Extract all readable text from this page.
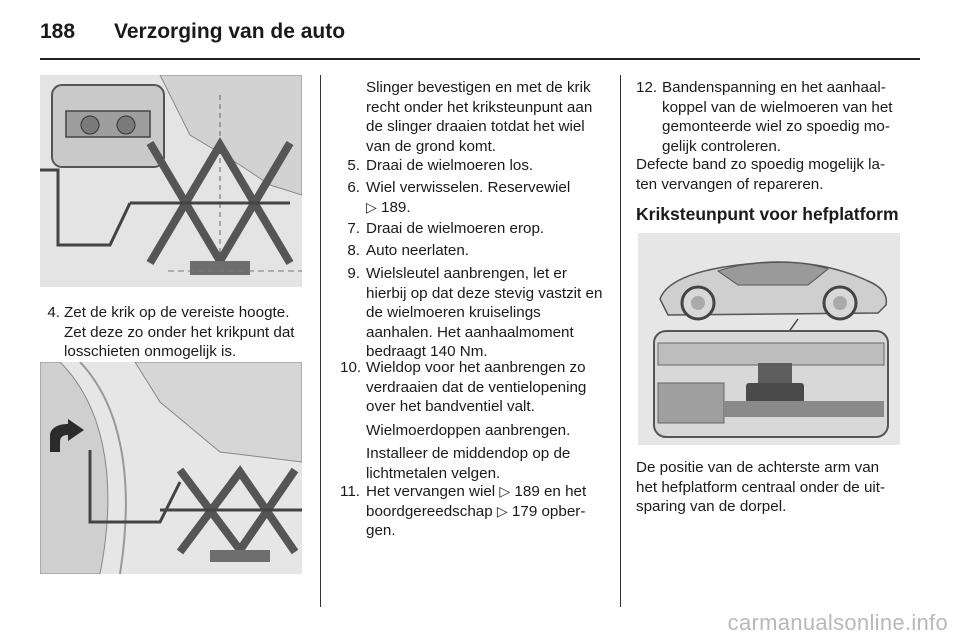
188 Verzorging van de auto
4. Zet de krik op de vereiste hoogte. Zet deze zo onder het krikpunt dat losschieten onmogelijk is.
Slinger bevestigen en met de krik recht onder het kriksteunpunt aan de slinger draaien totdat het wiel van de grond komt.
5. Draai de wielmoeren los.
6. Wiel verwisselen. Reservewiel
▷ 189.
7. Draai de wielmoeren erop.
8. Auto neerlaten.
9. Wielsleutel aanbrengen, let er hierbij op dat deze stevig vastzit en de wielmoeren kruiselings aanhalen. Het aanhaalmoment bedraagt 140 Nm.
10. Wieldop voor het aanbrengen zo verdraaien dat de ventielopening over het bandventiel valt.
Wielmoerdoppen aanbrengen.
Installeer de middendop op de lichtmetalen velgen.
11. Het vervangen wiel ▷ 189 en het boordgereedschap ▷ 179 opber-gen.
12. Bandenspanning en het aanhaal-koppel van de wielmoeren van het gemonteerde wiel zo spoedig mo-gelijk controleren.
Defecte band zo spoedig mogelijk la-ten vervangen of repareren.
Kriksteunpunt voor hefplatform
De positie van de achterste arm van het hefplatform centraal onder de uit-sparing van de dorpel.
carmanualsonline.info
